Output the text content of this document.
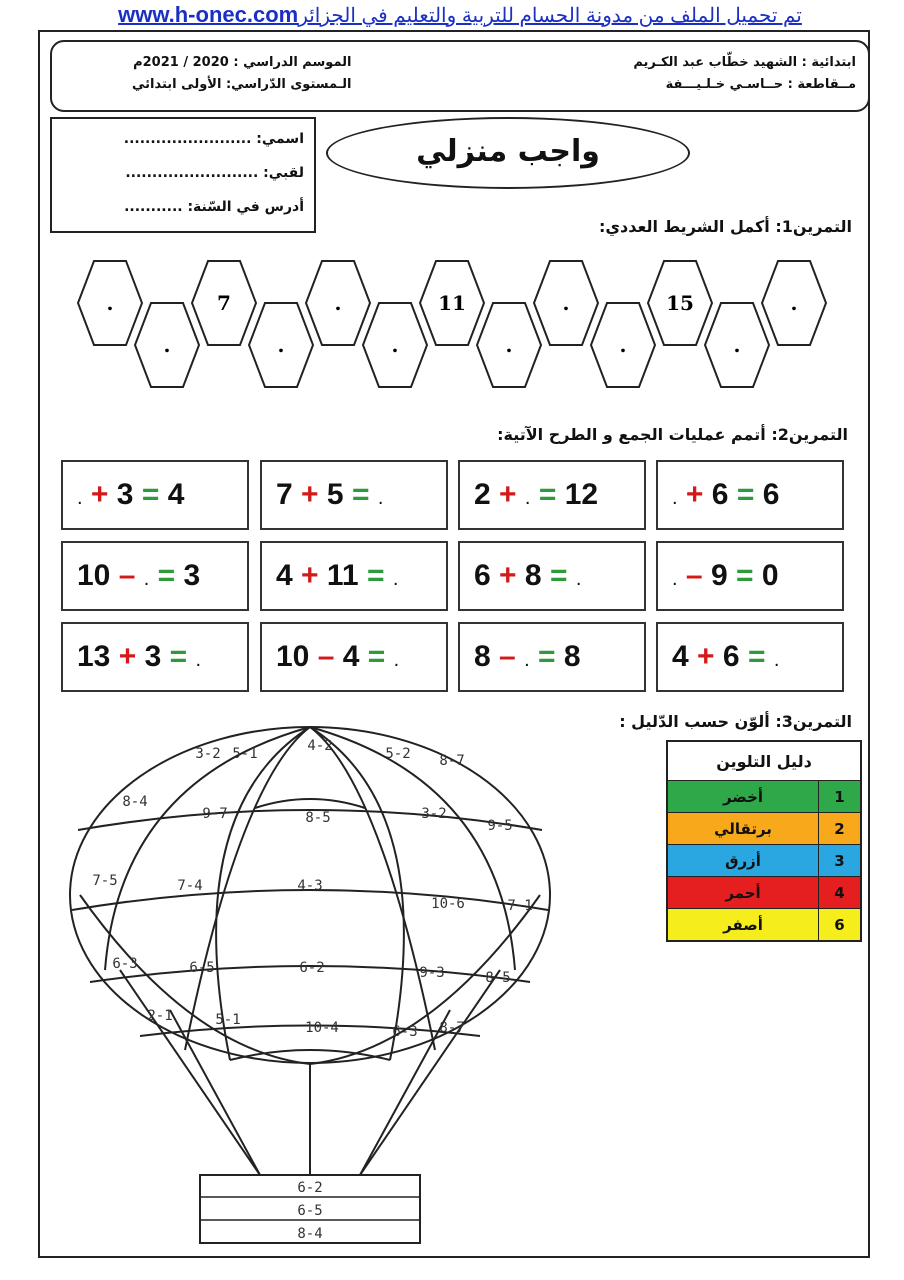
تم تحميل الملف من مدونة الحسام للتربية والتعليم في الجزائرwww.h-onec.com
ابتدائية : الشهيد خطّاب عبد الكـريم
مــقاطعة : حــاسـي خـلـيـــفة
الموسم الدراسي : 2020 / 2021م
الـمستوى الدّراسي: الأولى ابتدائي
اسمي: ........................
لقبي: .........................
أدرس في السّنة: ...........
واجب منزلي
التمرين1: أكمل الشريط العددي:
.
.
7
.
.
.
11
.
.
.
15
.
.
التمرين2: أتمم عمليات الجمع و الطرح الآتية:
. + 3 = 4	7 + 5 = .	2 + . = 12	. + 6 = 6
10 – . = 3	4 + 11 = .	6 + 8 = .	. – 9 = 0
13 + 3 = .	10 – 4 = .	8 – . = 8	4 + 6 = .
التمرين3: ألوّن حسب الدّليل :
دليل التلوين	
أخضر	1
برتقالي	2
أزرق	3
أحمر	4
أصفر	6
3-2 5-1	4-2	5-2 8-7
8-4
9-7	8-5	3-2
9-5
7-5	7-4	4-3
10-6	7-1
6-3	6-5	6-2	9-3	8-5
2-1	5-1	10-4	6-3 8-7
6-2
6-5
8-4
